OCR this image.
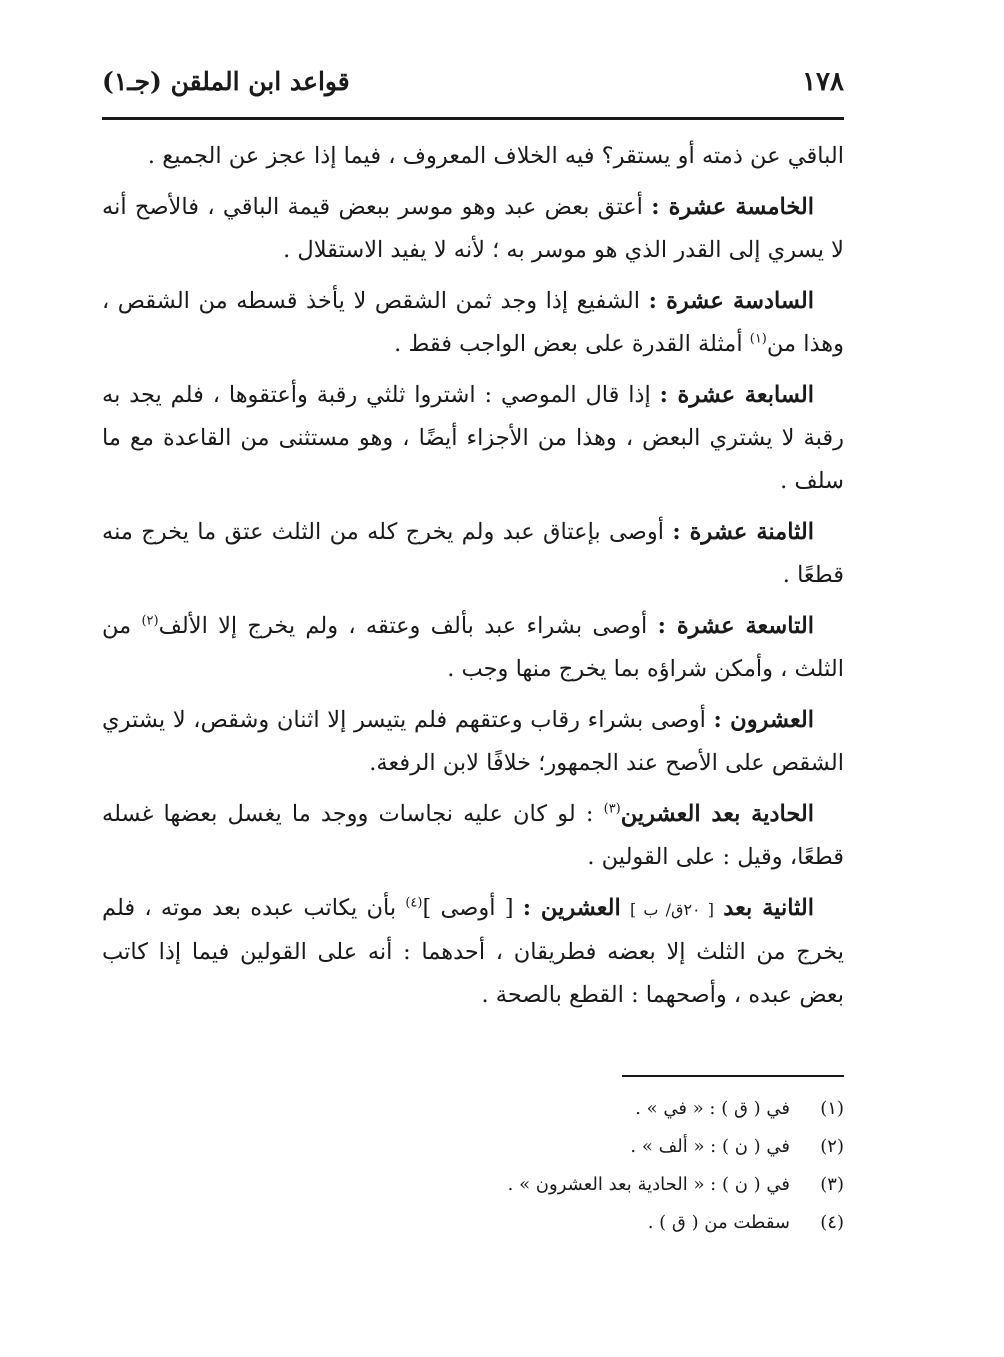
١٧٨
قواعد ابن الملقن (جـ١)

الباقي عن ذمته أو يستقر؟ فيه الخلاف المعروف ، فيما إذا عجز عن الجميع .

الخامسة عشرة : أعتق بعض عبد وهو موسر ببعض قيمة الباقي ، فالأصح أنه لا يسري إلى القدر الذي هو موسر به ؛ لأنه لا يفيد الاستقلال .

السادسة عشرة : الشفيع إذا وجد ثمن الشقص لا يأخذ قسطه من الشقص ، وهذا من$^{(١)}$ أمثلة القدرة على بعض الواجب فقط .

السابعة عشرة : إذا قال الموصي : اشتروا ثلثي رقبة وأعتقوها ، فلم يجد به رقبة لا يشتري البعض ، وهذا من الأجزاء أيضًا ، وهو مستثنى من القاعدة مع ما سلف .

الثامنة عشرة : أوصى بإعتاق عبد ولم يخرج كله من الثلث عتق ما يخرج منه قطعًا .

التاسعة عشرة : أوصى بشراء عبد بألف وعتقه ، ولم يخرج إلا الألف$^{(٢)}$ من الثلث ، وأمكن شراؤه بما يخرج منها وجب .

العشرون : أوصى بشراء رقاب وعتقهم فلم يتيسر إلا اثنان وشقص، لا يشتري الشقص على الأصح عند الجمهور؛ خلافًا لابن الرفعة.

الحادية بعد العشرين$^{(٣)}$ : لو كان عليه نجاسات ووجد ما يغسل بعضها غسله قطعًا، وقيل : على القولين .

الثانية بعد [ ٢٠ق/ ب ] العشرين : [ أوصى ]$^{(٤)}$ بأن يكاتب عبده بعد موته ، فلم يخرج من الثلث إلا بعضه فطريقان ، أحدهما : أنه على القولين فيما إذا كاتب بعض عبده ، وأصحهما : القطع بالصحة .

(١)
في ( ق ) : « في » .
(٢)
في ( ن ) : « ألف » .
(٣)
في ( ن ) : « الحادية بعد العشرون » .
(٤)
سقطت من ( ق ) .
